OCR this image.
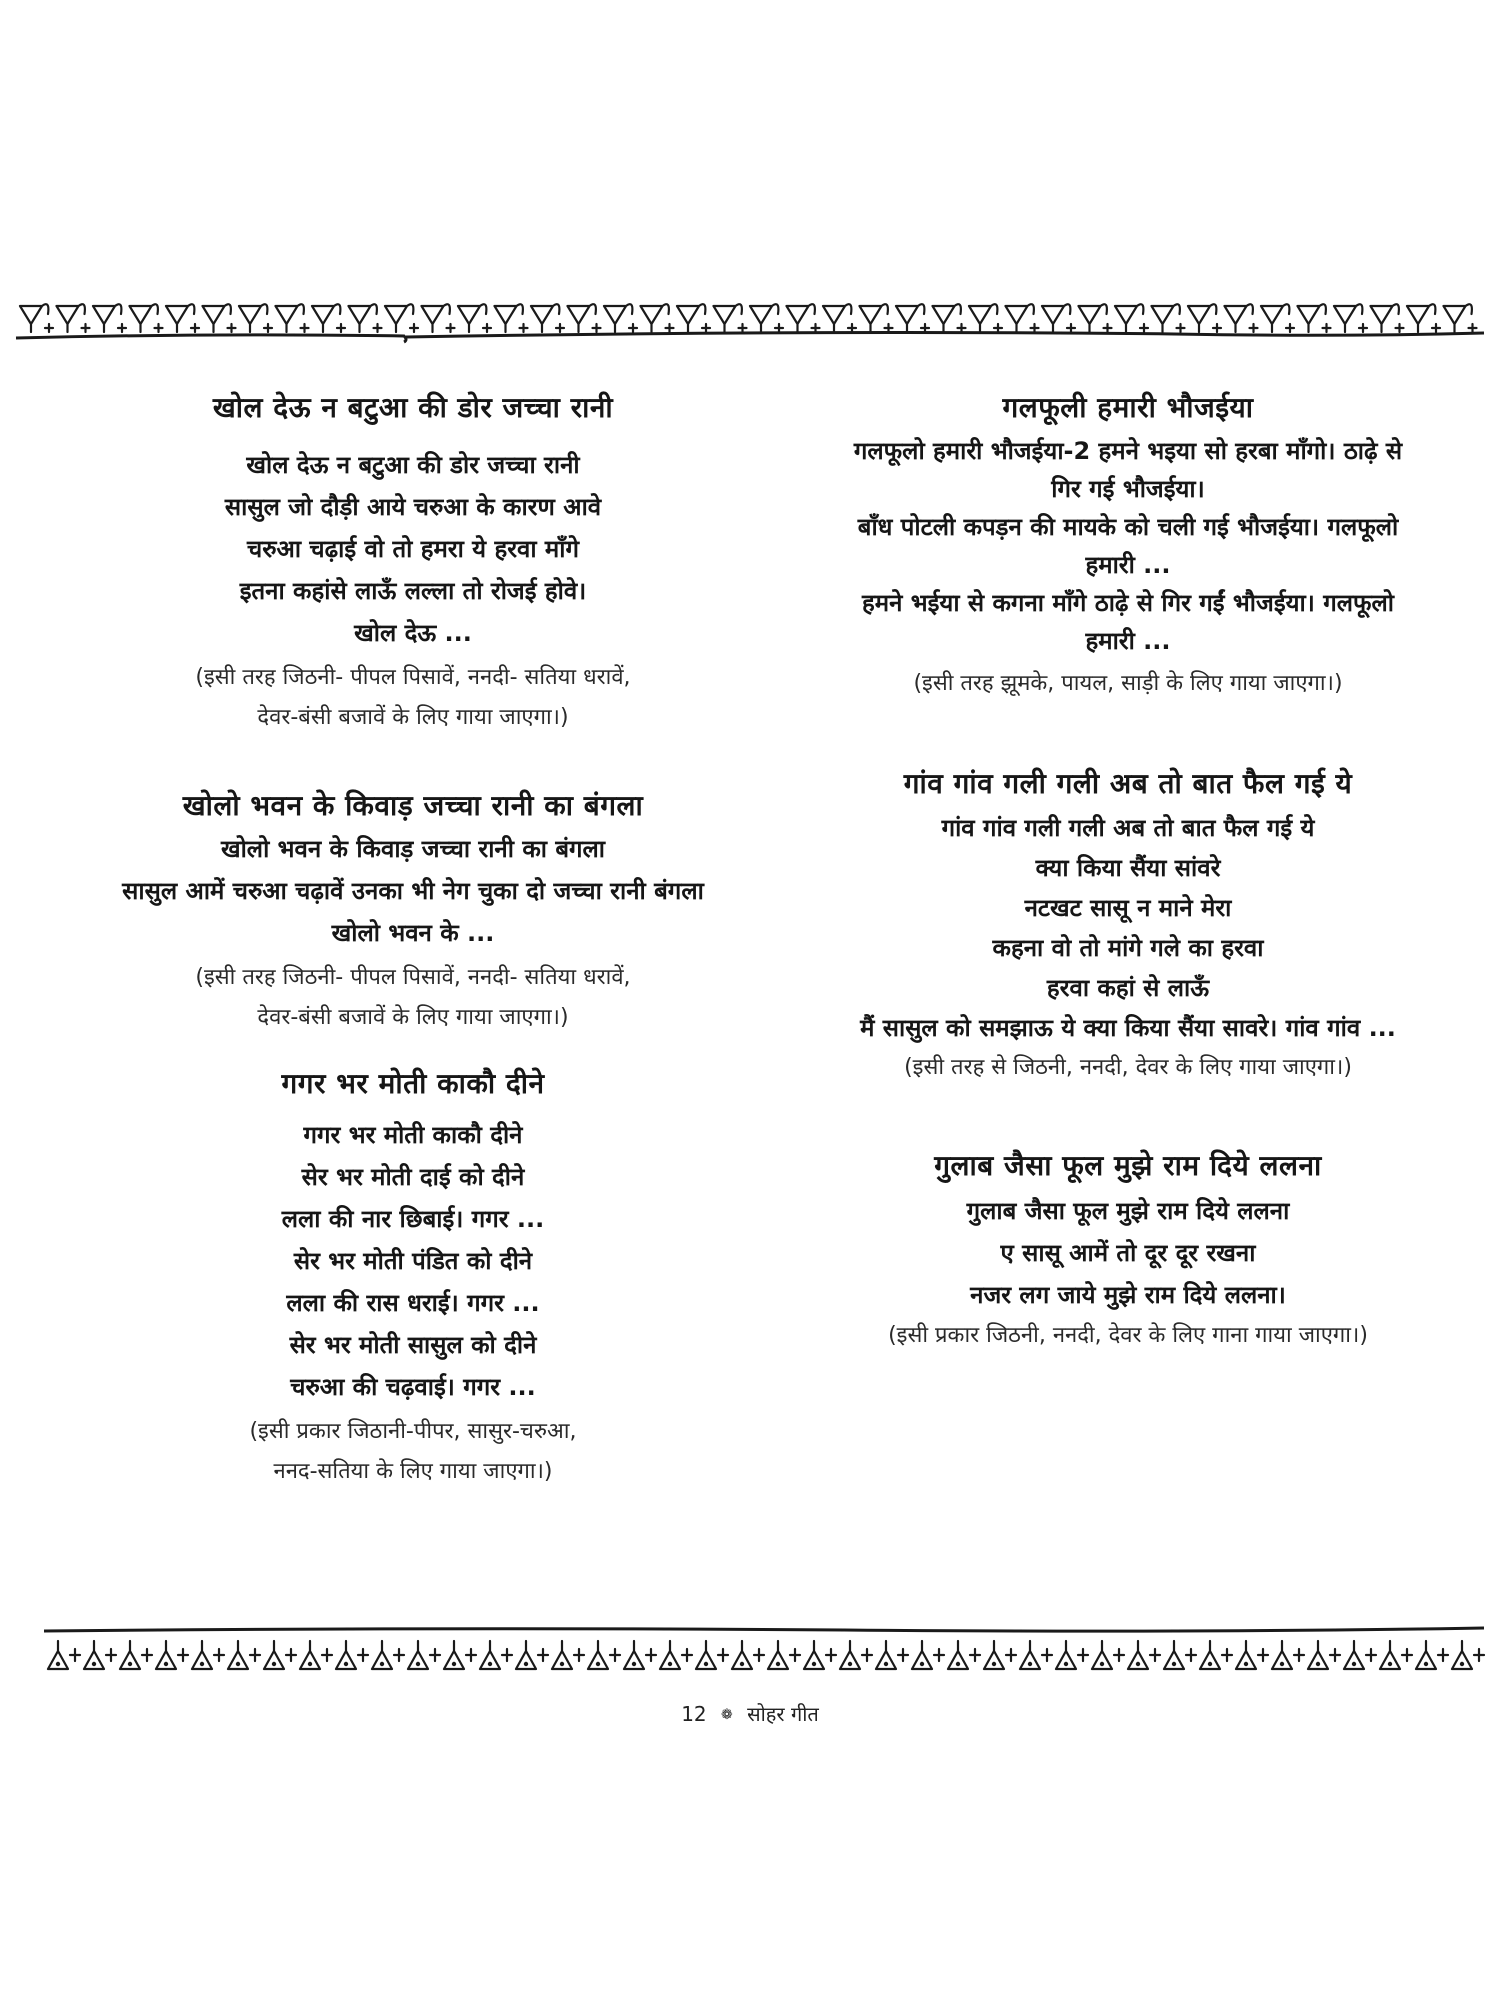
खोल देऊ न बटुआ की डोर जच्चा रानी

खोल देऊ न बटुआ की डोर जच्चा रानी

सासुल जो दौड़ी आये चरुआ के कारण आवे

चरुआ चढ़ाई वो तो हमरा ये हरवा माँगे

इतना कहांसे लाऊँ लल्ला तो रोजई होवे।

खोल देऊ ...

(इसी तरह जिठनी- पीपल पिसावें, ननदी- सतिया धरावें,

देवर-बंसी बजावें के लिए गाया जाएगा।)

खोलो भवन के किवाड़ जच्चा रानी का बंगला

खोलो भवन के किवाड़ जच्चा रानी का बंगला

सासुल आमें चरुआ चढ़ावें उनका भी नेग चुका दो जच्चा रानी बंगला

खोलो भवन के ...

(इसी तरह जिठनी- पीपल पिसावें, ननदी- सतिया धरावें,

देवर-बंसी बजावें के लिए गाया जाएगा।)

गगर भर मोती काकौ दीने

गगर भर मोती काकौ दीने

सेर भर मोती दाई को दीने

लला की नार छिबाई। गगर ...

सेर भर मोती पंडित को दीने

लला की रास धराई। गगर ...

सेर भर मोती सासुल को दीने

चरुआ की चढ़वाई। गगर ...

(इसी प्रकार जिठानी-पीपर, सासुर-चरुआ,

ननद-सतिया के लिए गाया जाएगा।)

गलफूली हमारी भौजईया

गलफूलो हमारी भौजईया-2 हमने भइया सो हरबा माँगो। ठाढ़े से

गिर गई भौजईया।

बाँध पोटली कपड़न की मायके को चली गई भौजईया। गलफूलो

हमारी ...

हमने भईया से कगना माँगे ठाढ़े से गिर गईं भौजईया। गलफूलो

हमारी ...

(इसी तरह झूमके, पायल, साड़ी के लिए गाया जाएगा।)

गांव गांव गली गली अब तो बात फैल गई ये

गांव गांव गली गली अब तो बात फैल गई ये

क्या किया सैंया सांवरे

नटखट सासू न माने मेरा

कहना वो तो मांगे गले का हरवा

हरवा कहां से लाऊँ

मैं सासुल को समझाऊ ये क्या किया सैंया सावरे। गांव गांव ...

(इसी तरह से जिठनी, ननदी, देवर के लिए गाया जाएगा।)

गुलाब जैसा फूल मुझे राम दिये ललना

गुलाब जैसा फूल मुझे राम दिये ललना

ए सासू आमें तो दूर दूर रखना

नजर लग जाये मुझे राम दिये ललना।

(इसी प्रकार जिठनी, ननदी, देवर के लिए गाना गाया जाएगा।)

12 ❁ सोहर गीत
